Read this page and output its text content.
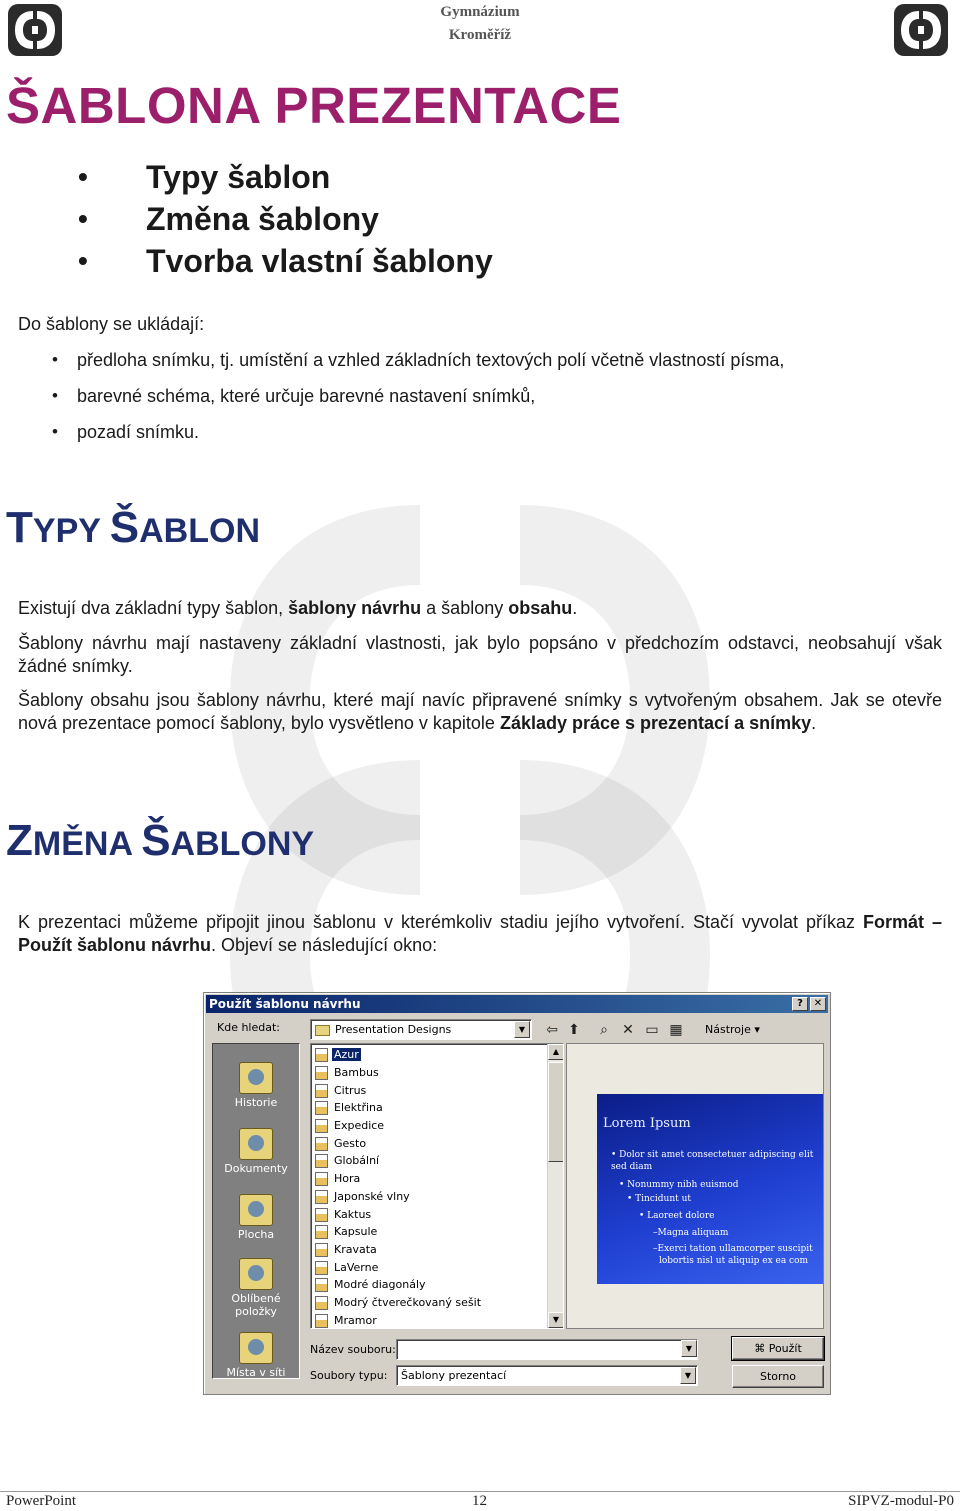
Gymnázium
Kroměříž
ŠABLONA PREZENTACE
• Typy šablon
• Změna šablony
• Tvorba vlastní šablony

Do šablony se ukládají:

• předloha snímku, tj. umístění a vzhled základních textových polí včetně vlastností písma,
• barevné schéma, které určuje barevné nastavení snímků,
• pozadí snímku.
TYPY ŠABLON

Existují dva základní typy šablon, šablony návrhu a šablony obsahu.

Šablony návrhu mají nastaveny základní vlastnosti, jak bylo popsáno v předchozím odstavci, neobsahují však žádné snímky.

Šablony obsahu jsou šablony návrhu, které mají navíc připravené snímky s vytvořeným obsahem. Jak se otevře nová prezentace pomocí šablony, bylo vysvětleno v kapitole Základy práce s prezentací a snímky.

ZMĚNA ŠABLONY

K prezentaci můžeme připojit jinou šablonu v kterémkoliv stadiu jejího vytvoření. Stačí vyvolat příkaz Formát – Použít šablonu návrhu. Objeví se následující okno:

Použít šablonu návrhu	?	✕
Kde hledat:	Presentation Designs	▼	⇦ ⬆	⌕	✕ ▭ ▦	Nástroje ▾
Historie
Dokumenty
Plocha
Oblíbené položky
Místa v síti
Azur
Bambus
Citrus
Elektřina
Expedice
Gesto
Globální
Hora
Japonské vlny
Kaktus
Kapsule
Kravata
LaVerne
Modré diagonály
Modrý čtverečkovaný sešit
Mramor
▲
▼
Lorem Ipsum
• Dolor sit amet consectetuer adipiscing elit
sed diam
• Nonummy nibh euismod
• Tincidunt ut
• Laoreet dolore
–Magna aliquam
–Exerci tation ullamcorper suscipit
lobortis nisl ut aliquip ex ea com
Název souboru:	▼
Soubory typu:	Šablony prezentací	▼
⌘ Použít
Storno
PowerPoint	12	SIPVZ-modul-P0
